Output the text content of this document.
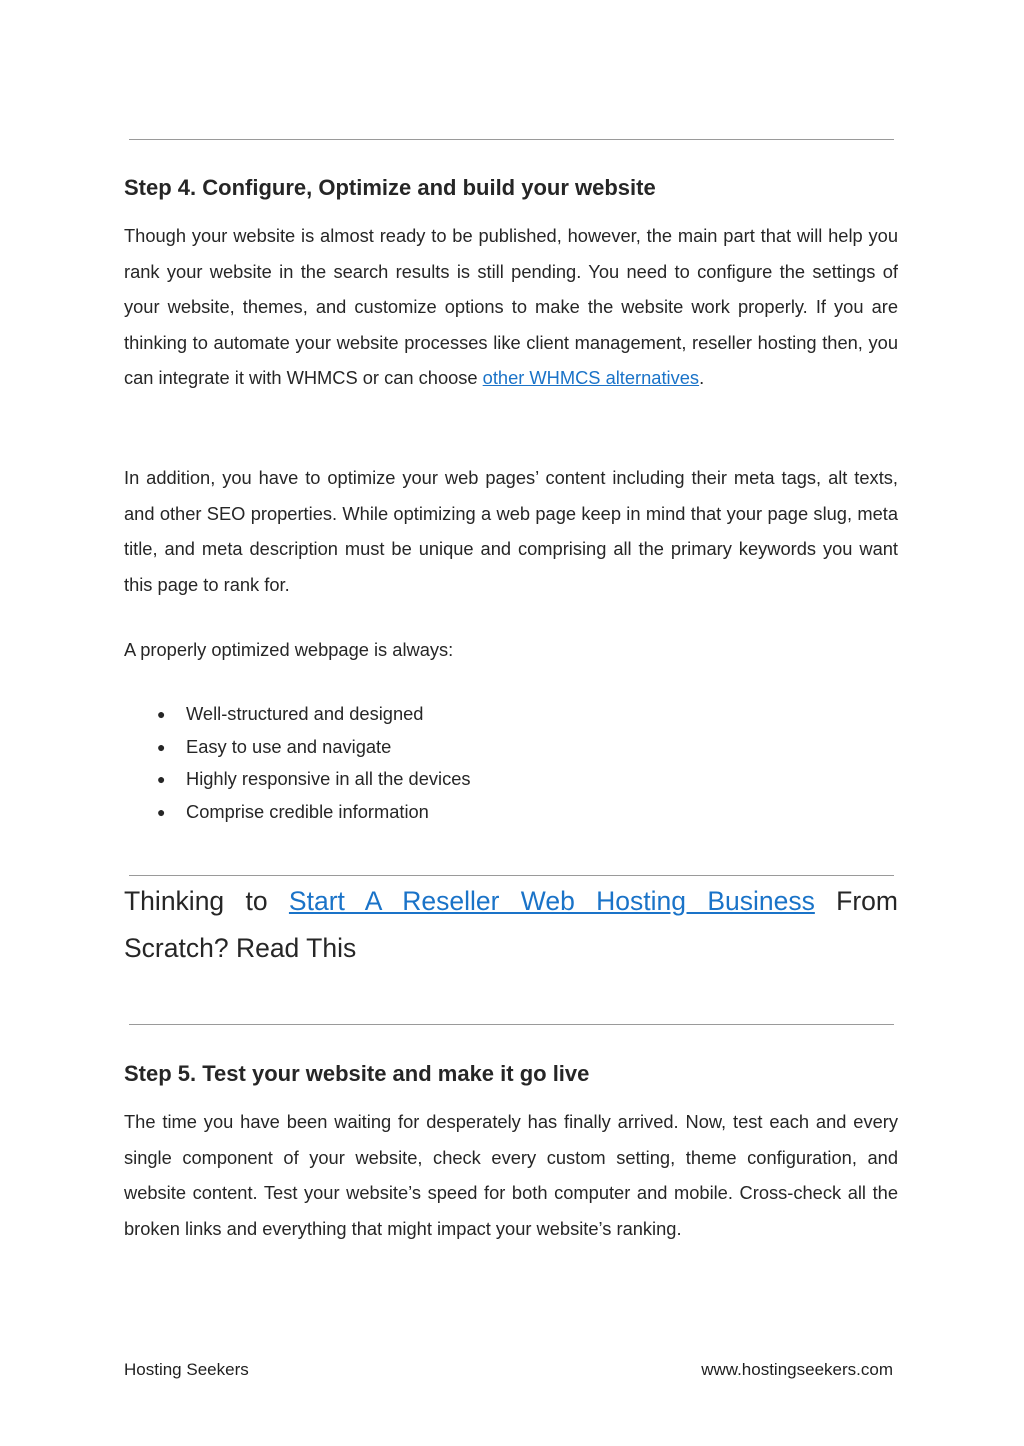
Step 4. Configure, Optimize and build your website

Though your website is almost ready to be published, however, the main part that will help you rank your website in the search results is still pending. You need to configure the settings of your website, themes, and customize options to make the website work properly. If you are thinking to automate your website processes like client management, reseller hosting then, you can integrate it with WHMCS or can choose other WHMCS alternatives.

In addition, you have to optimize your web pages’ content including their meta tags, alt texts, and other SEO properties. While optimizing a web page keep in mind that your page slug, meta title, and meta description must be unique and comprising all the primary keywords you want this page to rank for.

A properly optimized webpage is always:

● Well-structured and designed
● Easy to use and navigate
● Highly responsive in all the devices
● Comprise credible information

Thinking to Start A Reseller Web Hosting Business From Scratch? Read This

Step 5. Test your website and make it go live

The time you have been waiting for desperately has finally arrived. Now, test each and every single component of your website, check every custom setting, theme configuration, and website content. Test your website’s speed for both computer and mobile. Cross-check all the broken links and everything that might impact your website’s ranking.

Hosting Seekers	www.hostingseekers.com
